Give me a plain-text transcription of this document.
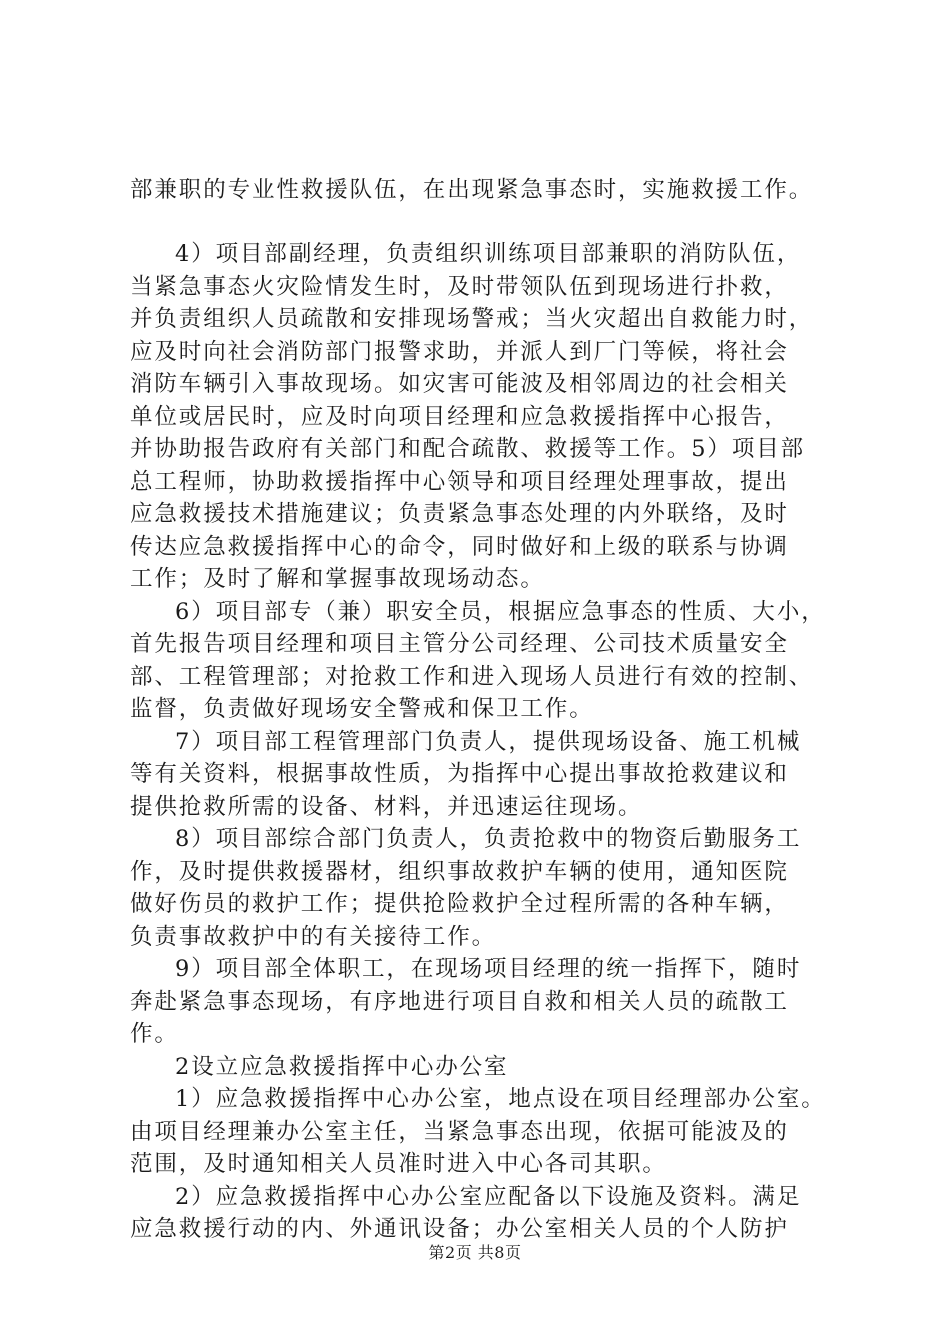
部兼职的专业性救援队伍，在出现紧急事态时，实施救援工作。
4）项目部副经理，负责组织训练项目部兼职的消防队伍，
当紧急事态火灾险情发生时，及时带领队伍到现场进行扑救，
并负责组织人员疏散和安排现场警戒；当火灾超出自救能力时，
应及时向社会消防部门报警求助，并派人到厂门等候，将社会
消防车辆引入事故现场。如灾害可能波及相邻周边的社会相关
单位或居民时，应及时向项目经理和应急救援指挥中心报告，
并协助报告政府有关部门和配合疏散、救援等工作。5）项目部
总工程师，协助救援指挥中心领导和项目经理处理事故，提出
应急救援技术措施建议；负责紧急事态处理的内外联络，及时
传达应急救援指挥中心的命令，同时做好和上级的联系与协调
工作；及时了解和掌握事故现场动态。
6）项目部专（兼）职安全员，根据应急事态的性质、大小，
首先报告项目经理和项目主管分公司经理、公司技术质量安全
部、工程管理部；对抢救工作和进入现场人员进行有效的控制、
监督，负责做好现场安全警戒和保卫工作。
7）项目部工程管理部门负责人，提供现场设备、施工机械
等有关资料，根据事故性质，为指挥中心提出事故抢救建议和
提供抢救所需的设备、材料，并迅速运往现场。
8）项目部综合部门负责人，负责抢救中的物资后勤服务工
作，及时提供救援器材，组织事故救护车辆的使用，通知医院
做好伤员的救护工作；提供抢险救护全过程所需的各种车辆，
负责事故救护中的有关接待工作。
9）项目部全体职工，在现场项目经理的统一指挥下，随时
奔赴紧急事态现场，有序地进行项目自救和相关人员的疏散工
作。
2设立应急救援指挥中心办公室
1）应急救援指挥中心办公室，地点设在项目经理部办公室。
由项目经理兼办公室主任，当紧急事态出现，依据可能波及的
范围，及时通知相关人员准时进入中心各司其职。
2）应急救援指挥中心办公室应配备以下设施及资料。满足
应急救援行动的内、外通讯设备；办公室相关人员的个人防护
第2页 共8页
